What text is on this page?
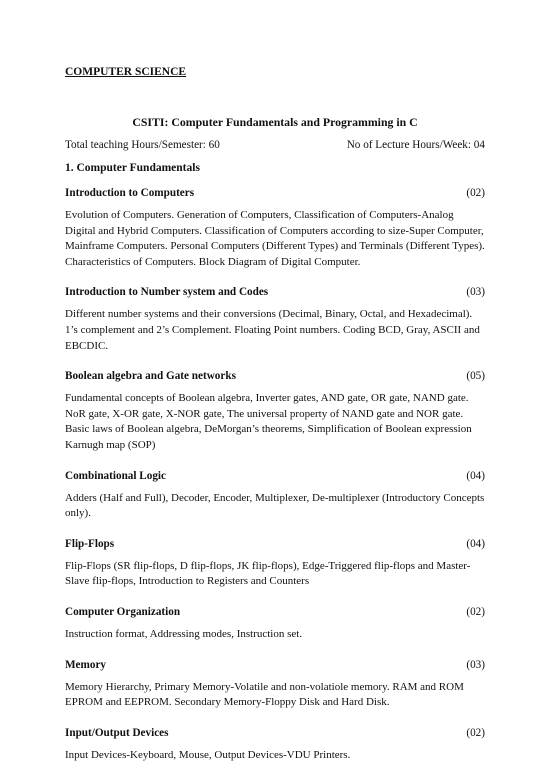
COMPUTER SCIENCE
CSITI: Computer Fundamentals and Programming in C
Total teaching Hours/Semester: 60	No of Lecture Hours/Week: 04
1. Computer Fundamentals
Introduction to Computers	(02)
Evolution of Computers. Generation of Computers, Classification of Computers-Analog Digital and Hybrid Computers. Classification of Computers according to size-Super Computer, Mainframe Computers. Personal Computers (Different Types) and Terminals (Different Types). Characteristics of Computers. Block Diagram of Digital Computer.
Introduction to Number system and Codes	(03)
Different number systems and their conversions (Decimal, Binary, Octal, and Hexadecimal). 1’s complement and 2’s Complement. Floating Point numbers. Coding BCD, Gray, ASCII and EBCDIC.
Boolean algebra and Gate networks	(05)
Fundamental concepts of Boolean algebra, Inverter gates, AND gate, OR gate, NAND gate. NoR gate, X-OR gate, X-NOR gate, The universal property of NAND gate and NOR gate. Basic laws of Boolean algebra, DeMorgan’s theorems, Simplification of Boolean expression Karnugh map (SOP)
Combinational Logic	(04)
Adders (Half and Full), Decoder, Encoder, Multiplexer, De-multiplexer (Introductory Concepts only).
Flip-Flops	(04)
Flip-Flops (SR flip-flops, D flip-flops, JK flip-flops), Edge-Triggered flip-flops and Master-Slave flip-flops, Introduction to Registers and Counters
Computer Organization	(02)
Instruction format, Addressing modes, Instruction set.
Memory	(03)
Memory Hierarchy, Primary Memory-Volatile and non-volatiole memory. RAM and ROM EPROM and EEPROM. Secondary Memory-Floppy Disk and Hard Disk.
Input/Output Devices	(02)
Input Devices-Keyboard, Mouse, Output Devices-VDU Printers.
